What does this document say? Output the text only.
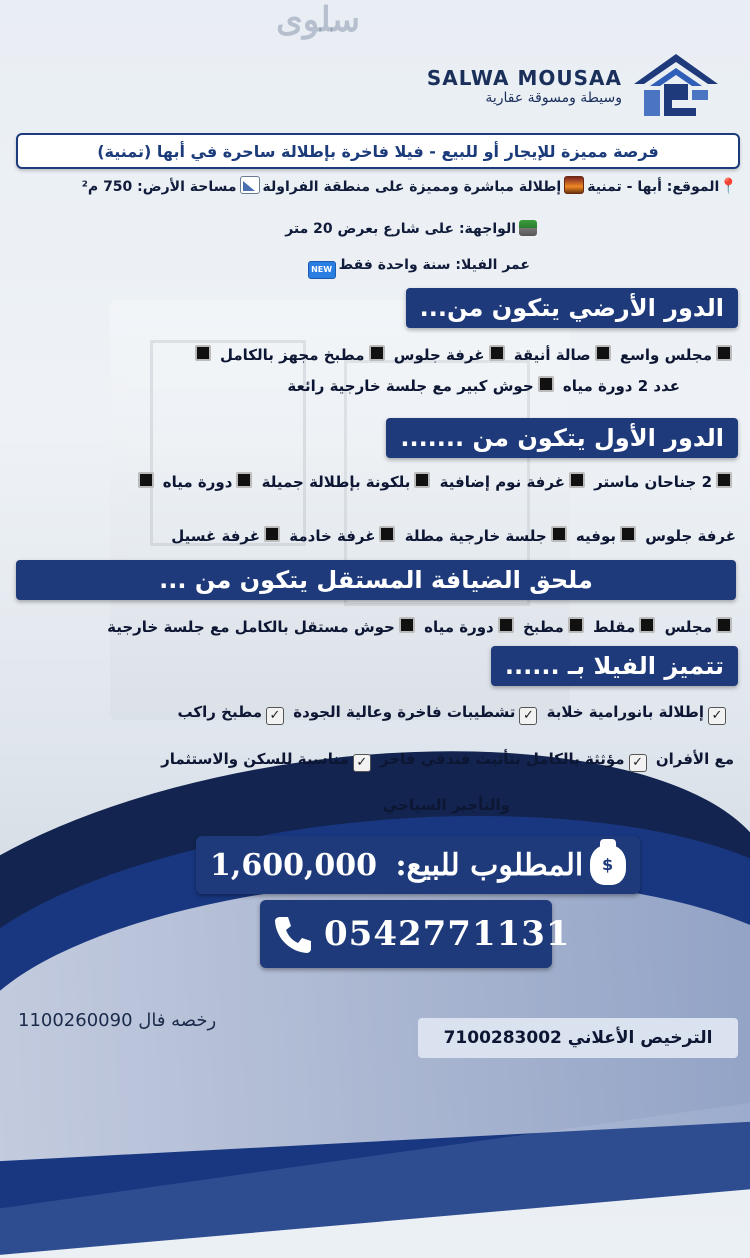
سلوى
SALWA MOUSAA
وسيطة ومسوقة عقارية
فرصة مميزة للإيجار أو للبيع - فيلا فاخرة بإطلالة ساحرة في أبها (تمنية)
📍الموقع: أبها - تمنيةإطلالة مباشرة ومميزة على منطقة الفراولةمساحة الأرض: 750 م²
الواجهة: على شارع بعرض 20 متر
عمر الفيلا: سنة واحدة فقطNEW
الدور الأرضي يتكون من...
مجلس واسع صالة أنيقة غرفة جلوس مطبخ مجهز بالكامل
عدد 2 دورة مياه حوش كبير مع جلسة خارجية رائعة
الدور الأول يتكون من .......
2 جناحان ماستر غرفة نوم إضافية بلكونة بإطلالة جميلة دورة مياه
غرفة جلوس بوفيه جلسة خارجية مطلة غرفة خادمة غرفة غسيل
ملحق الضيافة المستقل يتكون من ...
مجلس مقلط مطبخ دورة مياه حوش مستقل بالكامل مع جلسة خارجية
تتميز الفيلا بـ ......
✓إطلالة بانورامية خلابة ✓تشطيبات فاخرة وعالية الجودة ✓مطبخ راكب
مع الأفران ✓مؤثثة بالكامل بتأثيث فندقي فاخر ✓مناسبة للسكن والاستثمار
والتأجير السياحي
المطلوب للبيع: 1,600,000
$
0542771131
رخصه فال 1100260090
الترخيص الأعلاني 7100283002
